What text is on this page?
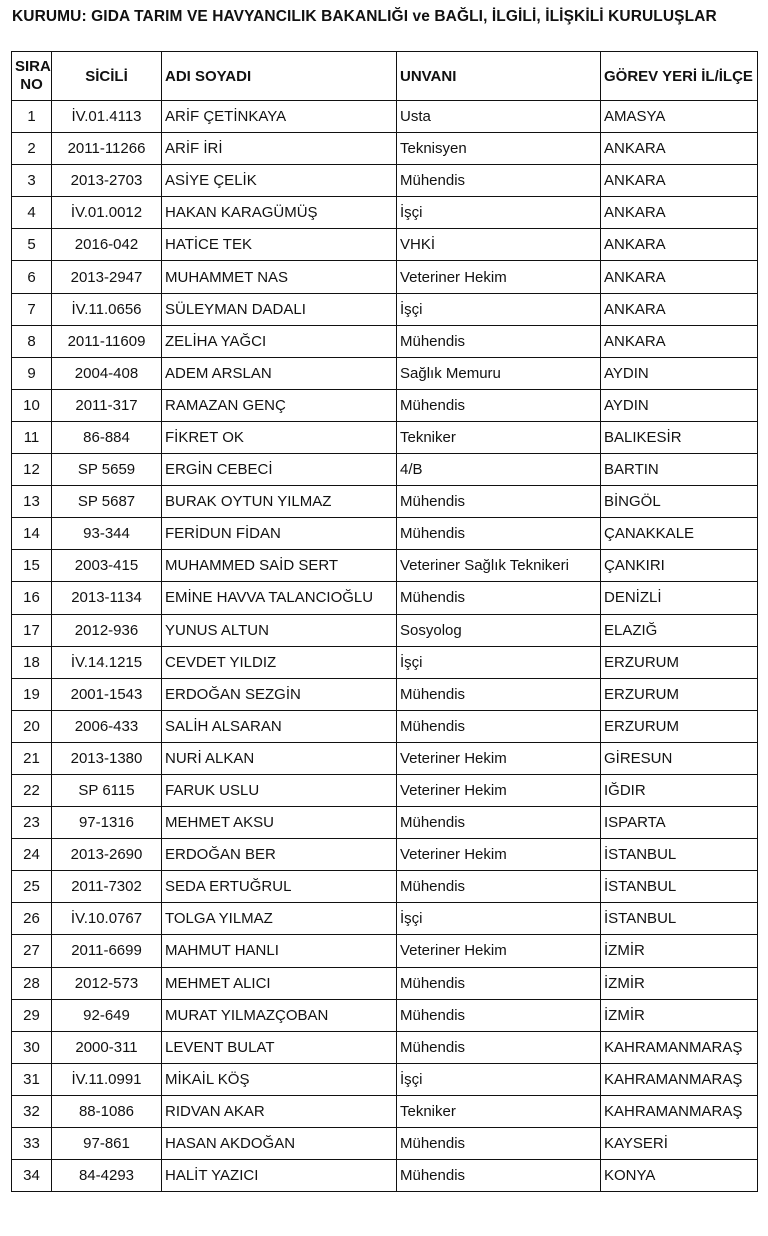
KURUMU: GIDA TARIM VE HAVYANCILIK BAKANLIĞI ve BAĞLI, İLGİLİ, İLİŞKİLİ KURULUŞLAR
SIRA
NO	SİCİLİ	ADI SOYADI	UNVANI	GÖREV YERİ İL/İLÇE
1	İV.01.4113	ARİF ÇETİNKAYA	Usta	AMASYA
2	2011-11266	ARİF İRİ	Teknisyen	ANKARA
3	2013-2703	ASİYE ÇELİK	Mühendis	ANKARA
4	İV.01.0012	HAKAN KARAGÜMÜŞ	İşçi	ANKARA
5	2016-042	HATİCE TEK	VHKİ	ANKARA
6	2013-2947	MUHAMMET NAS	Veteriner Hekim	ANKARA
7	İV.11.0656	SÜLEYMAN DADALI	İşçi	ANKARA
8	2011-11609	ZELİHA YAĞCI	Mühendis	ANKARA
9	2004-408	ADEM ARSLAN	Sağlık Memuru	AYDIN
10	2011-317	RAMAZAN GENÇ	Mühendis	AYDIN
11	86-884	FİKRET OK	Tekniker	BALIKESİR
12	SP 5659	ERGİN CEBECİ	4/B	BARTIN
13	SP 5687	BURAK OYTUN YILMAZ	Mühendis	BİNGÖL
14	93-344	FERİDUN FİDAN	Mühendis	ÇANAKKALE
15	2003-415	MUHAMMED SAİD SERT	Veteriner Sağlık Teknikeri	ÇANKIRI
16	2013-1134	EMİNE HAVVA TALANCIOĞLU	Mühendis	DENİZLİ
17	2012-936	YUNUS ALTUN	Sosyolog	ELAZIĞ
18	İV.14.1215	CEVDET YILDIZ	İşçi	ERZURUM
19	2001-1543	ERDOĞAN SEZGİN	Mühendis	ERZURUM
20	2006-433	SALİH ALSARAN	Mühendis	ERZURUM
21	2013-1380	NURİ ALKAN	Veteriner Hekim	GİRESUN
22	SP 6115	FARUK USLU	Veteriner Hekim	IĞDIR
23	97-1316	MEHMET AKSU	Mühendis	ISPARTA
24	2013-2690	ERDOĞAN BER	Veteriner Hekim	İSTANBUL
25	2011-7302	SEDA ERTUĞRUL	Mühendis	İSTANBUL
26	İV.10.0767	TOLGA YILMAZ	İşçi	İSTANBUL
27	2011-6699	MAHMUT HANLI	Veteriner Hekim	İZMİR
28	2012-573	MEHMET ALICI	Mühendis	İZMİR
29	92-649	MURAT YILMAZÇOBAN	Mühendis	İZMİR
30	2000-311	LEVENT BULAT	Mühendis	KAHRAMANMARAŞ
31	İV.11.0991	MİKAİL KÖŞ	İşçi	KAHRAMANMARAŞ
32	88-1086	RIDVAN AKAR	Tekniker	KAHRAMANMARAŞ
33	97-861	HASAN AKDOĞAN	Mühendis	KAYSERİ
34	84-4293	HALİT YAZICI	Mühendis	KONYA
